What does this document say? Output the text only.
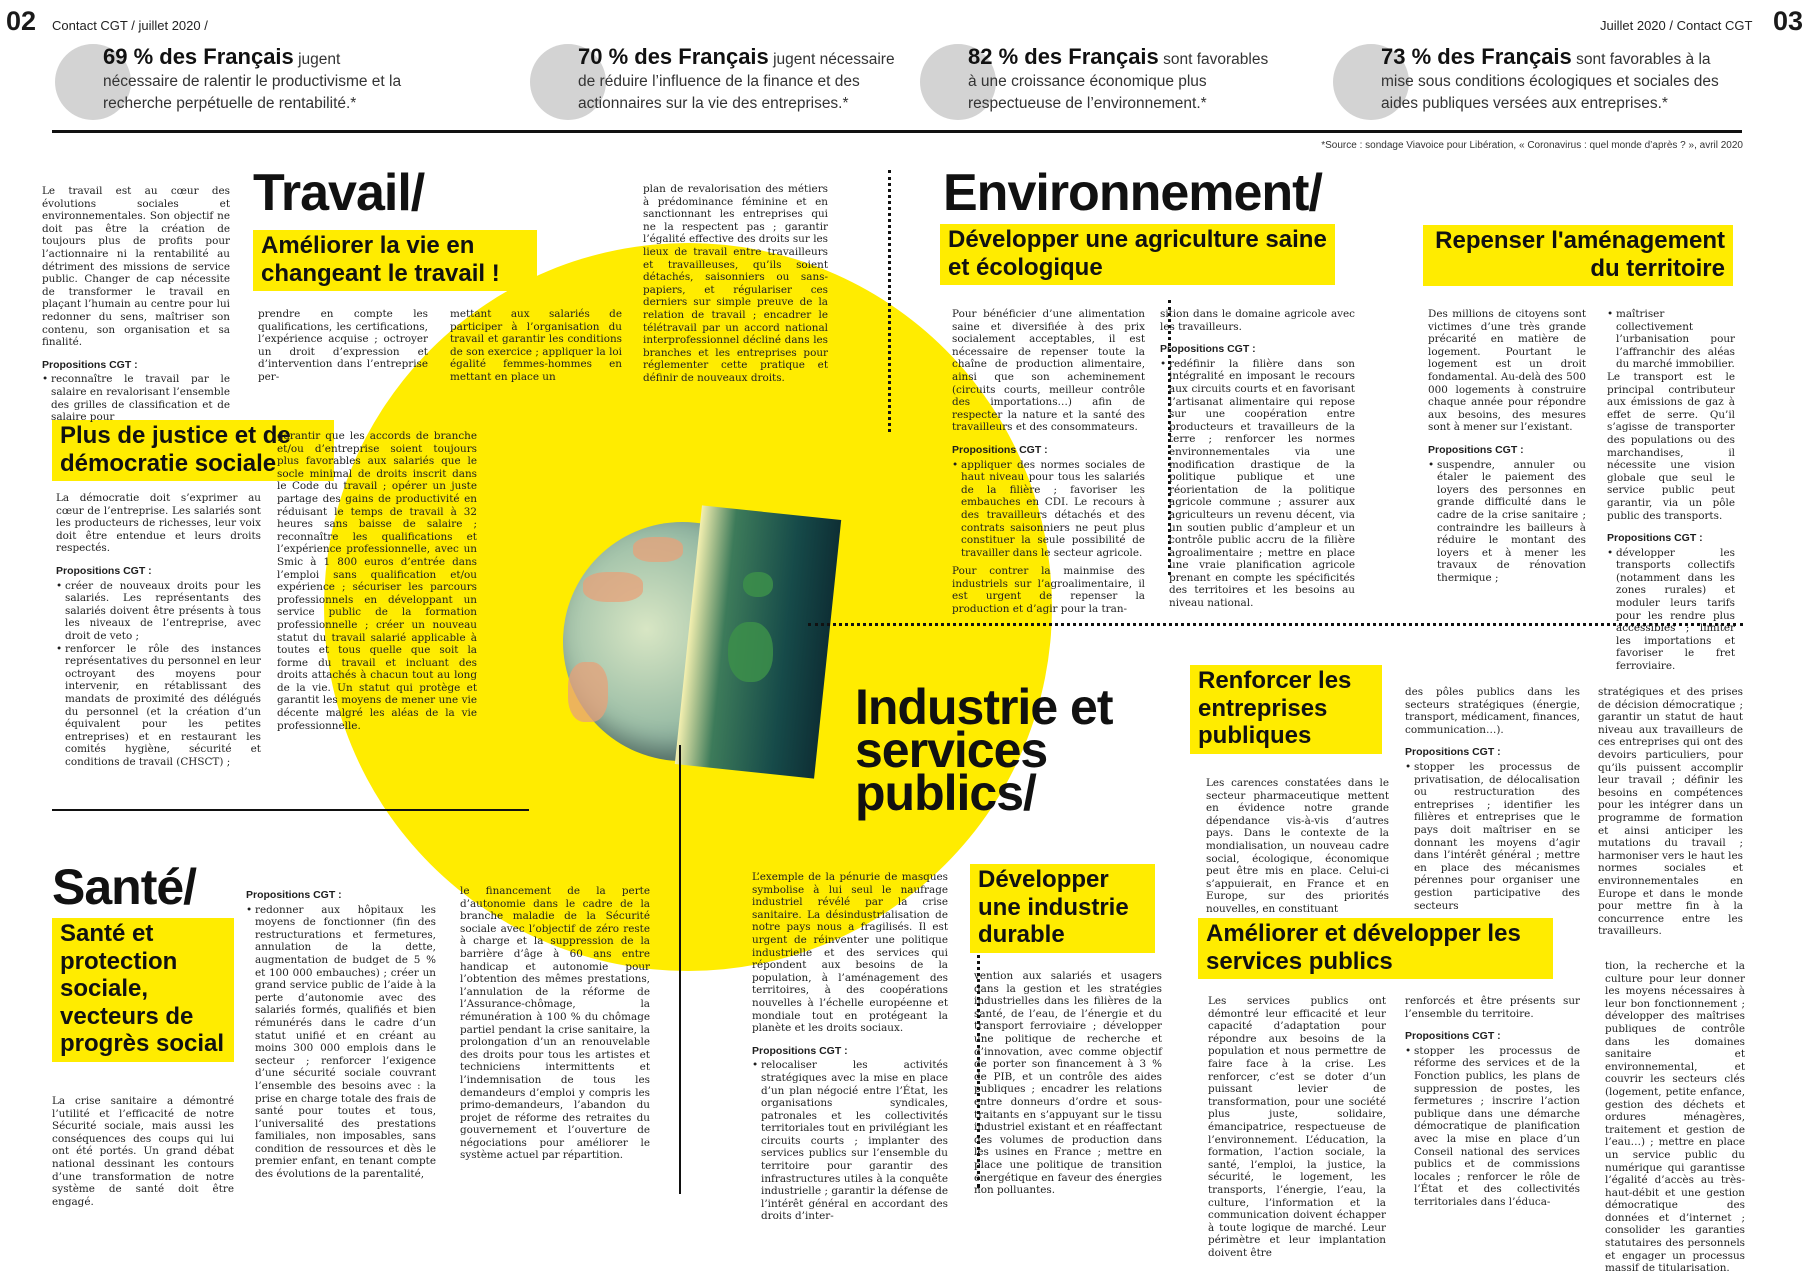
02 Contact CGT / juillet 2020 /	Juillet 2020 / Contact CGT 03
69 % des Français jugent nécessaire de ralentir le productivisme et la recherche perpétuelle de rentabilité.*
70 % des Français jugent nécessaire de réduire l’influence de la finance et des actionnaires sur la vie des entreprises.*
82 % des Français sont favorables à une croissance économique plus respectueuse de l’environnement.*
73 % des Français sont favorables à la mise sous conditions écologiques et sociales des aides publiques versées aux entreprises.*
*Source : sondage Viavoice pour Libération, « Coronavirus : quel monde d’après ? », avril 2020
Travail/	Environnement/
Industrie et services publics/
Santé/
Améliorer la vie en changeant le travail !
Plus de justice et de démocratie sociale
Développer une agriculture saine et écologique
Repenser l'aménagement du territoire
Renforcer les entreprises publiques
Développer une industrie durable	Améliorer et développer les services publics
Santé et protection sociale, vecteurs de progrès social

Le travail est au cœur des évolutions sociales et environnementales. Son objectif ne doit pas être la création de toujours plus de profits pour l’actionnaire ni la rentabilité au détriment des missions de service public. Changer de cap nécessite de transformer le travail en plaçant l’humain au centre pour lui redonner du sens, maîtriser son contenu, son organisation et sa finalité.

Propositions CGT :
• reconnaître le travail par le salaire en revalorisant l’ensemble des grilles de classification et de salaire pour

prendre en compte les qualifications, les certifications, l’expérience acquise ; octroyer un droit d’expression et d’intervention dans l’entreprise per-

mettant aux salariés de participer à l’organisation du travail et garantir les conditions de son exercice ; appliquer la loi égalité femmes-hommes en mettant en place un

plan de revalorisation des métiers à prédominance féminine et en sanctionnant les entreprises qui ne la respectent pas ; garantir l’égalité effective des droits sur les lieux de travail entre travailleurs et travailleuses, qu’ils soient détachés, saisonniers ou sans-papiers, et régulariser ces derniers sur simple preuve de la relation de travail ; encadrer le télétravail par un accord national interprofessionnel décliné dans les branches et les entreprises pour réglementer cette pratique et définir de nouveaux droits.

La démocratie doit s’exprimer au cœur de l’entreprise. Les salariés sont les producteurs de richesses, leur voix doit être entendue et leurs droits respectés.

Propositions CGT :
• créer de nouveaux droits pour les salariés. Les représentants des salariés doivent être présents à tous les niveaux de l’entreprise, avec droit de veto ;
• renforcer le rôle des instances représentatives du personnel en leur octroyant des moyens pour intervenir, en rétablissant des mandats de proximité des délégués du personnel (et la création d’un équivalent pour les petites entreprises) et en restaurant les comités hygiène, sécurité et conditions de travail (CHSCT) ;

garantir que les accords de branche et/ou d’entreprise soient toujours plus favorables aux salariés que le socle minimal de droits inscrit dans le Code du travail ; opérer un juste partage des gains de productivité en réduisant le temps de travail à 32 heures sans baisse de salaire ; reconnaître les qualifications et l’expérience professionnelle, avec un Smic à 1 800 euros d’entrée dans l’emploi sans qualification et/ou expérience ; sécuriser les parcours professionnels en développant un service public de la formation professionnelle ; créer un nouveau statut du travail salarié applicable à toutes et tous quelle que soit la forme du travail et incluant des droits attachés à chacun tout au long de la vie. Un statut qui protège et garantit les moyens de mener une vie décente malgré les aléas de la vie professionnelle.

Pour bénéficier d’une alimentation saine et diversifiée à des prix socialement acceptables, il est nécessaire de repenser toute la chaîne de production alimentaire, ainsi que son acheminement (circuits courts, meilleur contrôle des importations…) afin de respecter la nature et la santé des travailleurs et des consommateurs.

Propositions CGT :
• appliquer des normes sociales de haut niveau pour tous les salariés de la filière ; favoriser les embauches en CDI. Le recours à des travailleurs détachés et des contrats saisonniers ne peut plus constituer la seule possibilité de travailler dans le secteur agricole.

Pour contrer la mainmise des industriels sur l’agroalimentaire, il est urgent de repenser la production et d’agir pour la tran-

sition dans le domaine agricole avec les travailleurs.

Propositions CGT :
• redéfinir la filière dans son intégralité en imposant le recours aux circuits courts et en favorisant l’artisanat alimentaire qui repose sur une coopération entre producteurs et travailleurs de la terre ; renforcer les normes environnementales via une modification drastique de la politique publique et une réorientation de la politique agricole commune ; assurer aux agriculteurs un revenu décent, via un soutien public d’ampleur et un contrôle public accru de la filière agroalimentaire ; mettre en place une vraie planification agricole prenant en compte les spécificités des territoires et les besoins au niveau national.

Des millions de citoyens sont victimes d’une très grande précarité en matière de logement. Pourtant le logement est un droit fondamental. Au-delà des 500 000 logements à construire chaque année pour répondre aux besoins, des mesures sont à mener sur l’existant.

Propositions CGT :
• suspendre, annuler ou étaler le paiement des loyers des personnes en grande difficulté dans le cadre de la crise sanitaire ; contraindre les bailleurs à réduire le montant des loyers et à mener les travaux de rénovation thermique ;
• maîtriser collectivement l’urbanisation pour l’affranchir des aléas du marché immobilier.

Le transport est le principal contributeur aux émissions de gaz à effet de serre. Qu’il s’agisse de transporter des populations ou des marchandises, il nécessite une vision globale que seul le service public peut garantir, via un pôle public des transports.

Propositions CGT :
• développer les transports collectifs (notamment dans les zones rurales) et moduler leurs tarifs pour les rendre plus accessibles ; limiter les importations et favoriser le fret ferroviaire.

Les carences constatées dans le secteur pharmaceutique mettent en évidence notre grande dépendance vis-à-vis d’autres pays. Dans le contexte de la mondialisation, un nouveau cadre social, écologique, économique peut être mis en place. Celui-ci s’appuierait, en France et en Europe, sur des priorités nouvelles, en constituant

des pôles publics dans les secteurs stratégiques (énergie, transport, médicament, finances, communication…).

Propositions CGT :
• stopper les processus de privatisation, de délocalisation ou restructuration des entreprises ; identifier les filières et entreprises que le pays doit maîtriser en se donnant les moyens d’agir dans l’intérêt général ; mettre en place des mécanismes pérennes pour organiser une gestion participative des secteurs

stratégiques et des prises de décision démocratique ; garantir un statut de haut niveau aux travailleurs de ces entreprises qui ont des devoirs particuliers, pour qu’ils puissent accomplir leur travail ; définir les besoins en compétences pour les intégrer dans un programme de formation et ainsi anticiper les mutations du travail ; harmoniser vers le haut les normes sociales et environnementales en Europe et dans le monde pour mettre fin à la concurrence entre les travailleurs.

L’exemple de la pénurie de masques symbolise à lui seul le naufrage industriel révélé par la crise sanitaire. La désindustrialisation de notre pays nous a fragilisés. Il est urgent de réinventer une politique industrielle et des services qui répondent aux besoins de la population, à l’aménagement des territoires, à des coopérations nouvelles à l’échelle européenne et mondiale tout en protégeant la planète et les droits sociaux.

Propositions CGT :
• relocaliser les activités stratégiques avec la mise en place d’un plan négocié entre l’État, les organisations syndicales, patronales et les collectivités territoriales tout en privilégiant les circuits courts ; implanter des services publics sur l’ensemble du territoire pour garantir des infrastructures utiles à la conquête industrielle ; garantir la défense de l’intérêt général en accordant des droits d’inter-

vention aux salariés et usagers dans la gestion et les stratégies industrielles dans les filières de la santé, de l’eau, de l’énergie et du transport ferroviaire ; développer une politique de recherche et d’innovation, avec comme objectif de porter son financement à 3 % de PIB, et un contrôle des aides publiques ; encadrer les relations entre donneurs d’ordre et sous-traitants en s’appuyant sur le tissu industriel existant et en réaffectant des volumes de production dans les usines en France ; mettre en place une politique de transition énergétique en faveur des énergies non polluantes.

Les services publics ont démontré leur efficacité et leur capacité d’adaptation pour répondre aux besoins de la population et nous permettre de faire face à la crise. Les renforcer, c’est se doter d’un puissant levier de transformation, pour une société plus juste, solidaire, émancipatrice, respectueuse de l’environnement. L’éducation, la formation, l’action sociale, la santé, l’emploi, la justice, la sécurité, le logement, les transports, l’énergie, l’eau, la culture, l’information et la communication doivent échapper à toute logique de marché. Leur périmètre et leur implantation doivent être

renforcés et être présents sur l’ensemble du territoire.

Propositions CGT :
• stopper les processus de réforme des services et de la Fonction publics, les plans de suppression de postes, les fermetures ; inscrire l’action publique dans une démarche démocratique de planification avec la mise en place d’un Conseil national des services publics et de commissions locales ; renforcer le rôle de l’État et des collectivités territoriales dans l’éduca-

tion, la recherche et la culture pour leur donner les moyens nécessaires à leur bon fonctionnement ; développer des maîtrises publiques de contrôle dans les domaines sanitaire et environnemental, et couvrir les secteurs clés (logement, petite enfance, gestion des déchets et ordures ménagères, traitement et gestion de l’eau…) ; mettre en place un service public du numérique qui garantisse l’égalité d’accès au très-haut-débit et une gestion démocratique des données et d’internet ; consolider les garanties statutaires des personnels et engager un processus massif de titularisation.

La crise sanitaire a démontré l’utilité et l’efficacité de notre Sécurité sociale, mais aussi les conséquences des coups qui lui ont été portés. Un grand débat national dessinant les contours d’une transformation de notre système de santé doit être engagé.

Propositions CGT :
• redonner aux hôpitaux les moyens de fonctionner (fin des restructurations et fermetures, annulation de la dette, augmentation de budget de 5 % et 100 000 embauches) ; créer un grand service public de l’aide à la perte d’autonomie avec des salariés formés, qualifiés et bien rémunérés dans le cadre d’un statut unifié et en créant au moins 300 000 emplois dans le secteur ; renforcer l’exigence d’une sécurité sociale couvrant l’ensemble des besoins avec : la prise en charge totale des frais de santé pour toutes et tous, l’universalité des prestations familiales, non imposables, sans condition de ressources et dès le premier enfant, en tenant compte des évolutions de la parentalité,

le financement de la perte d’autonomie dans le cadre de la branche maladie de la Sécurité sociale avec l’objectif de zéro reste à charge et la suppression de la barrière d’âge à 60 ans entre handicap et autonomie pour l’obtention des mêmes prestations, l’annulation de la réforme de l’Assurance-chômage, la rémunération à 100 % du chômage partiel pendant la crise sanitaire, la prolongation d’un an renouvelable des droits pour tous les artistes et techniciens intermittents et l’indemnisation de tous les demandeurs d’emploi y compris les primo-demandeurs, l’abandon du projet de réforme des retraites du gouvernement et l’ouverture de négociations pour améliorer le système actuel par répartition.
